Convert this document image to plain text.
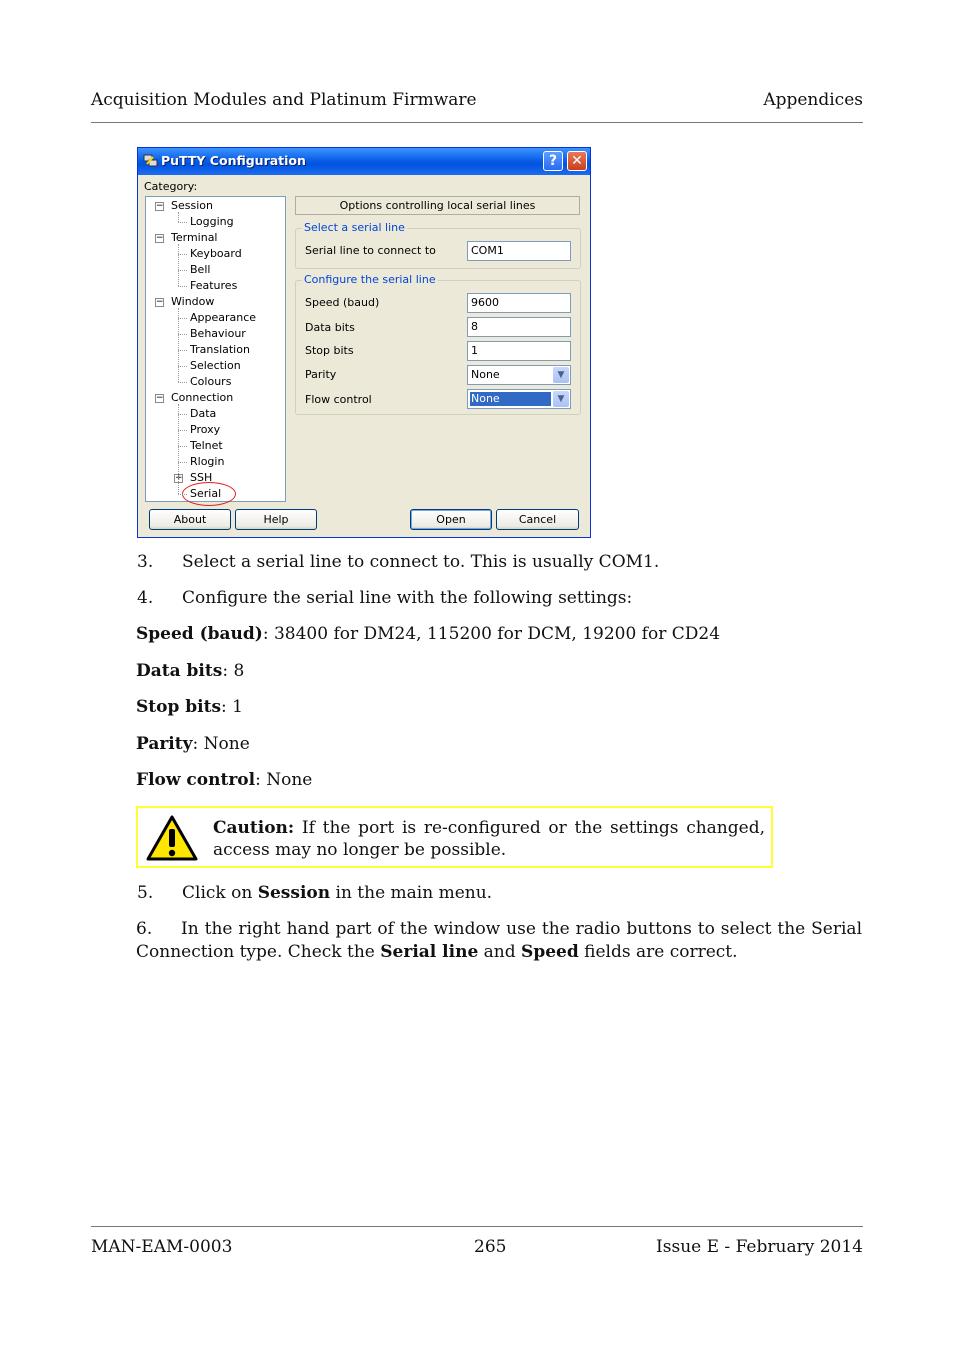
Acquisition Modules and Platinum Firmware	Appendices
PuTTY Configuration	?	✕
Category:
Session
−
Logging
Terminal
−
Keyboard
Bell
Features
Window
−
Appearance
Behaviour
Translation
Selection
Colours
Connection
−
Data
Proxy
Telnet
Rlogin
SSH
+
Serial
Options controlling local serial lines
Select a serial line
Serial line to connect to	COM1
Configure the serial line
Speed (baud)	9600
Data bits	8
Stop bits	1
Parity	None	▼
Flow control	None	▼
About	Help	Open	Cancel
3. Select a serial line to connect to. This is usually COM1.
4. Configure the serial line with the following settings:
Speed (baud): 38400 for DM24, 115200 for DCM, 19200 for CD24
Data bits: 8
Stop bits: 1
Parity: None
Flow control: None
Caution: If the port is re-configured or the settings changed, access may no longer be possible.
5. Click on Session in the main menu.
6. In the right hand part of the window use the radio buttons to select the Serial Connection type. Check the Serial line and Speed fields are correct.
MAN-EAM-0003	265	Issue E - February 2014
